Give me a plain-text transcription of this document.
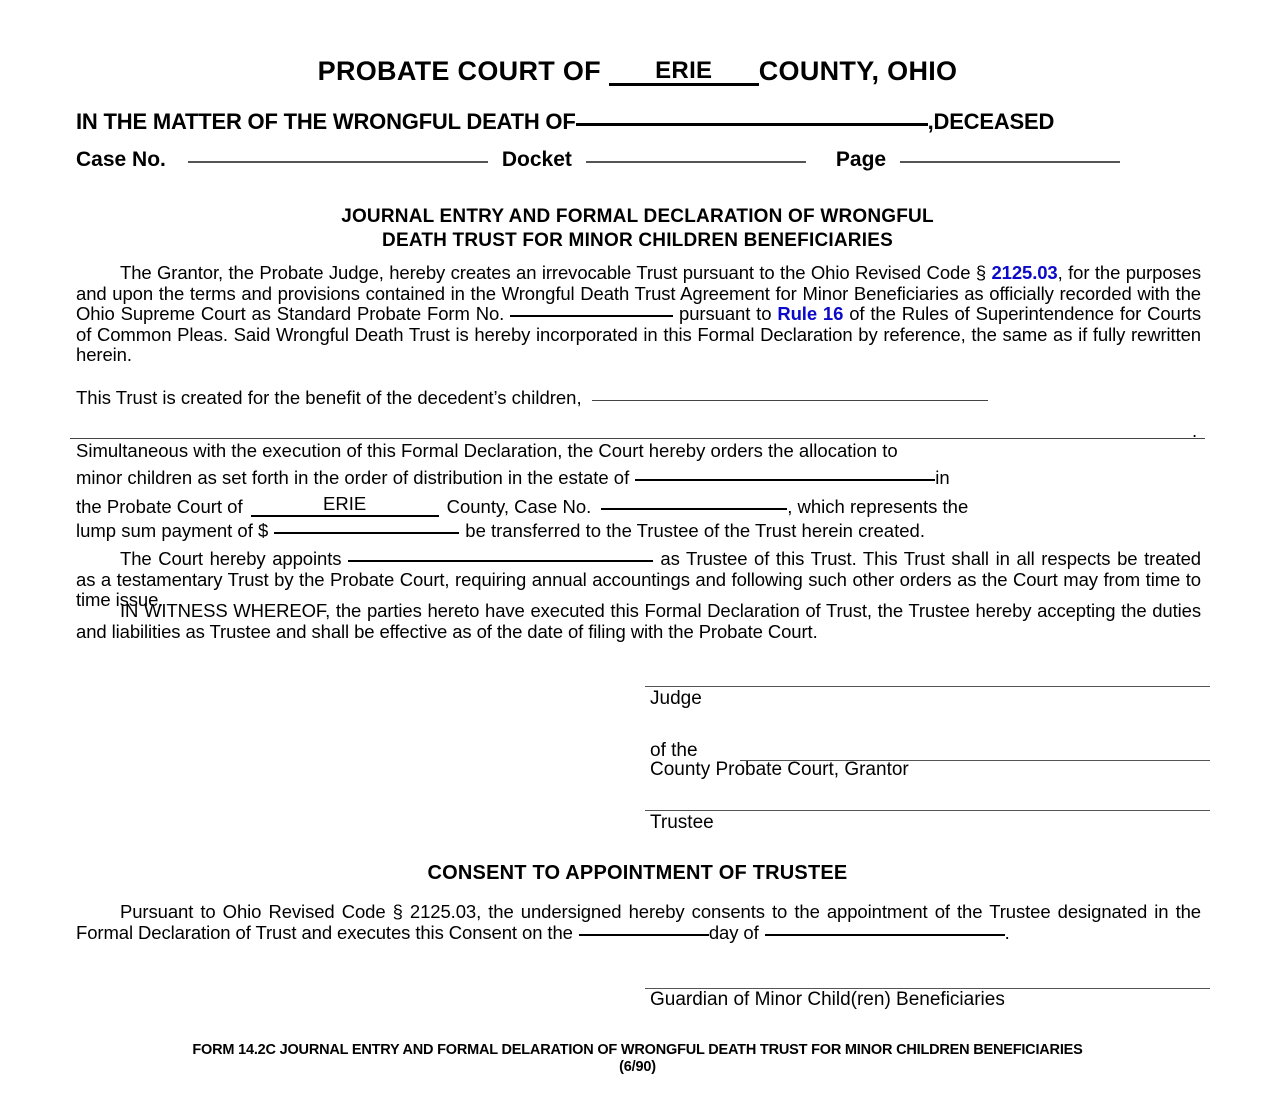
PROBATE COURT OF ERIE COUNTY, OHIO
IN THE MATTER OF THE WRONGFUL DEATH OF	,DECEASED
Case No.	Docket	Page
JOURNAL ENTRY AND FORMAL DECLARATION OF WRONGFUL
DEATH TRUST FOR MINOR CHILDREN BENEFICIARIES
The Grantor, the Probate Judge, hereby creates an irrevocable Trust pursuant to the Ohio Revised Code § 2125.03, for the purposes and upon the terms and provisions contained in the Wrongful Death Trust Agreement for Minor Beneficiaries as officially recorded with the Ohio Supreme Court as Standard Probate Form No.	pursuant to Rule 16 of the Rules of Superintendence for Courts of Common Pleas. Said Wrongful Death Trust is hereby incorporated in this Formal Declaration by reference, the same as if fully rewritten herein.
This Trust is created for the benefit of the decedent’s children,
.
Simultaneous with the execution of this Formal Declaration, the Court hereby orders the allocation to
minor children as set forth in the order of distribution in the estate of	in
the Probate Court of	ERIE	County, Case No.	, which represents the
lump sum payment of $	be transferred to the Trustee of the Trust herein created.
The Court hereby appoints	as Trustee of this Trust. This Trust shall in all respects be treated as a testamentary Trust by the Probate Court, requiring annual accountings and following such other orders as the Court may from time to time issue.
IN WITNESS WHEREOF, the parties hereto have executed this Formal Declaration of Trust, the Trustee hereby accepting the duties and liabilities as Trustee and shall be effective as of the date of filing with the Probate Court.
Judge
of the
County Probate Court, Grantor
Trustee
CONSENT TO APPOINTMENT OF TRUSTEE
Pursuant to Ohio Revised Code § 2125.03, the undersigned hereby consents to the appointment of the Trustee designated in the Formal Declaration of Trust and executes this Consent on the	day of	.
Guardian of Minor Child(ren) Beneficiaries
FORM 14.2C JOURNAL ENTRY AND FORMAL DELARATION OF WRONGFUL DEATH TRUST FOR MINOR CHILDREN BENEFICIARIES
(6/90)
